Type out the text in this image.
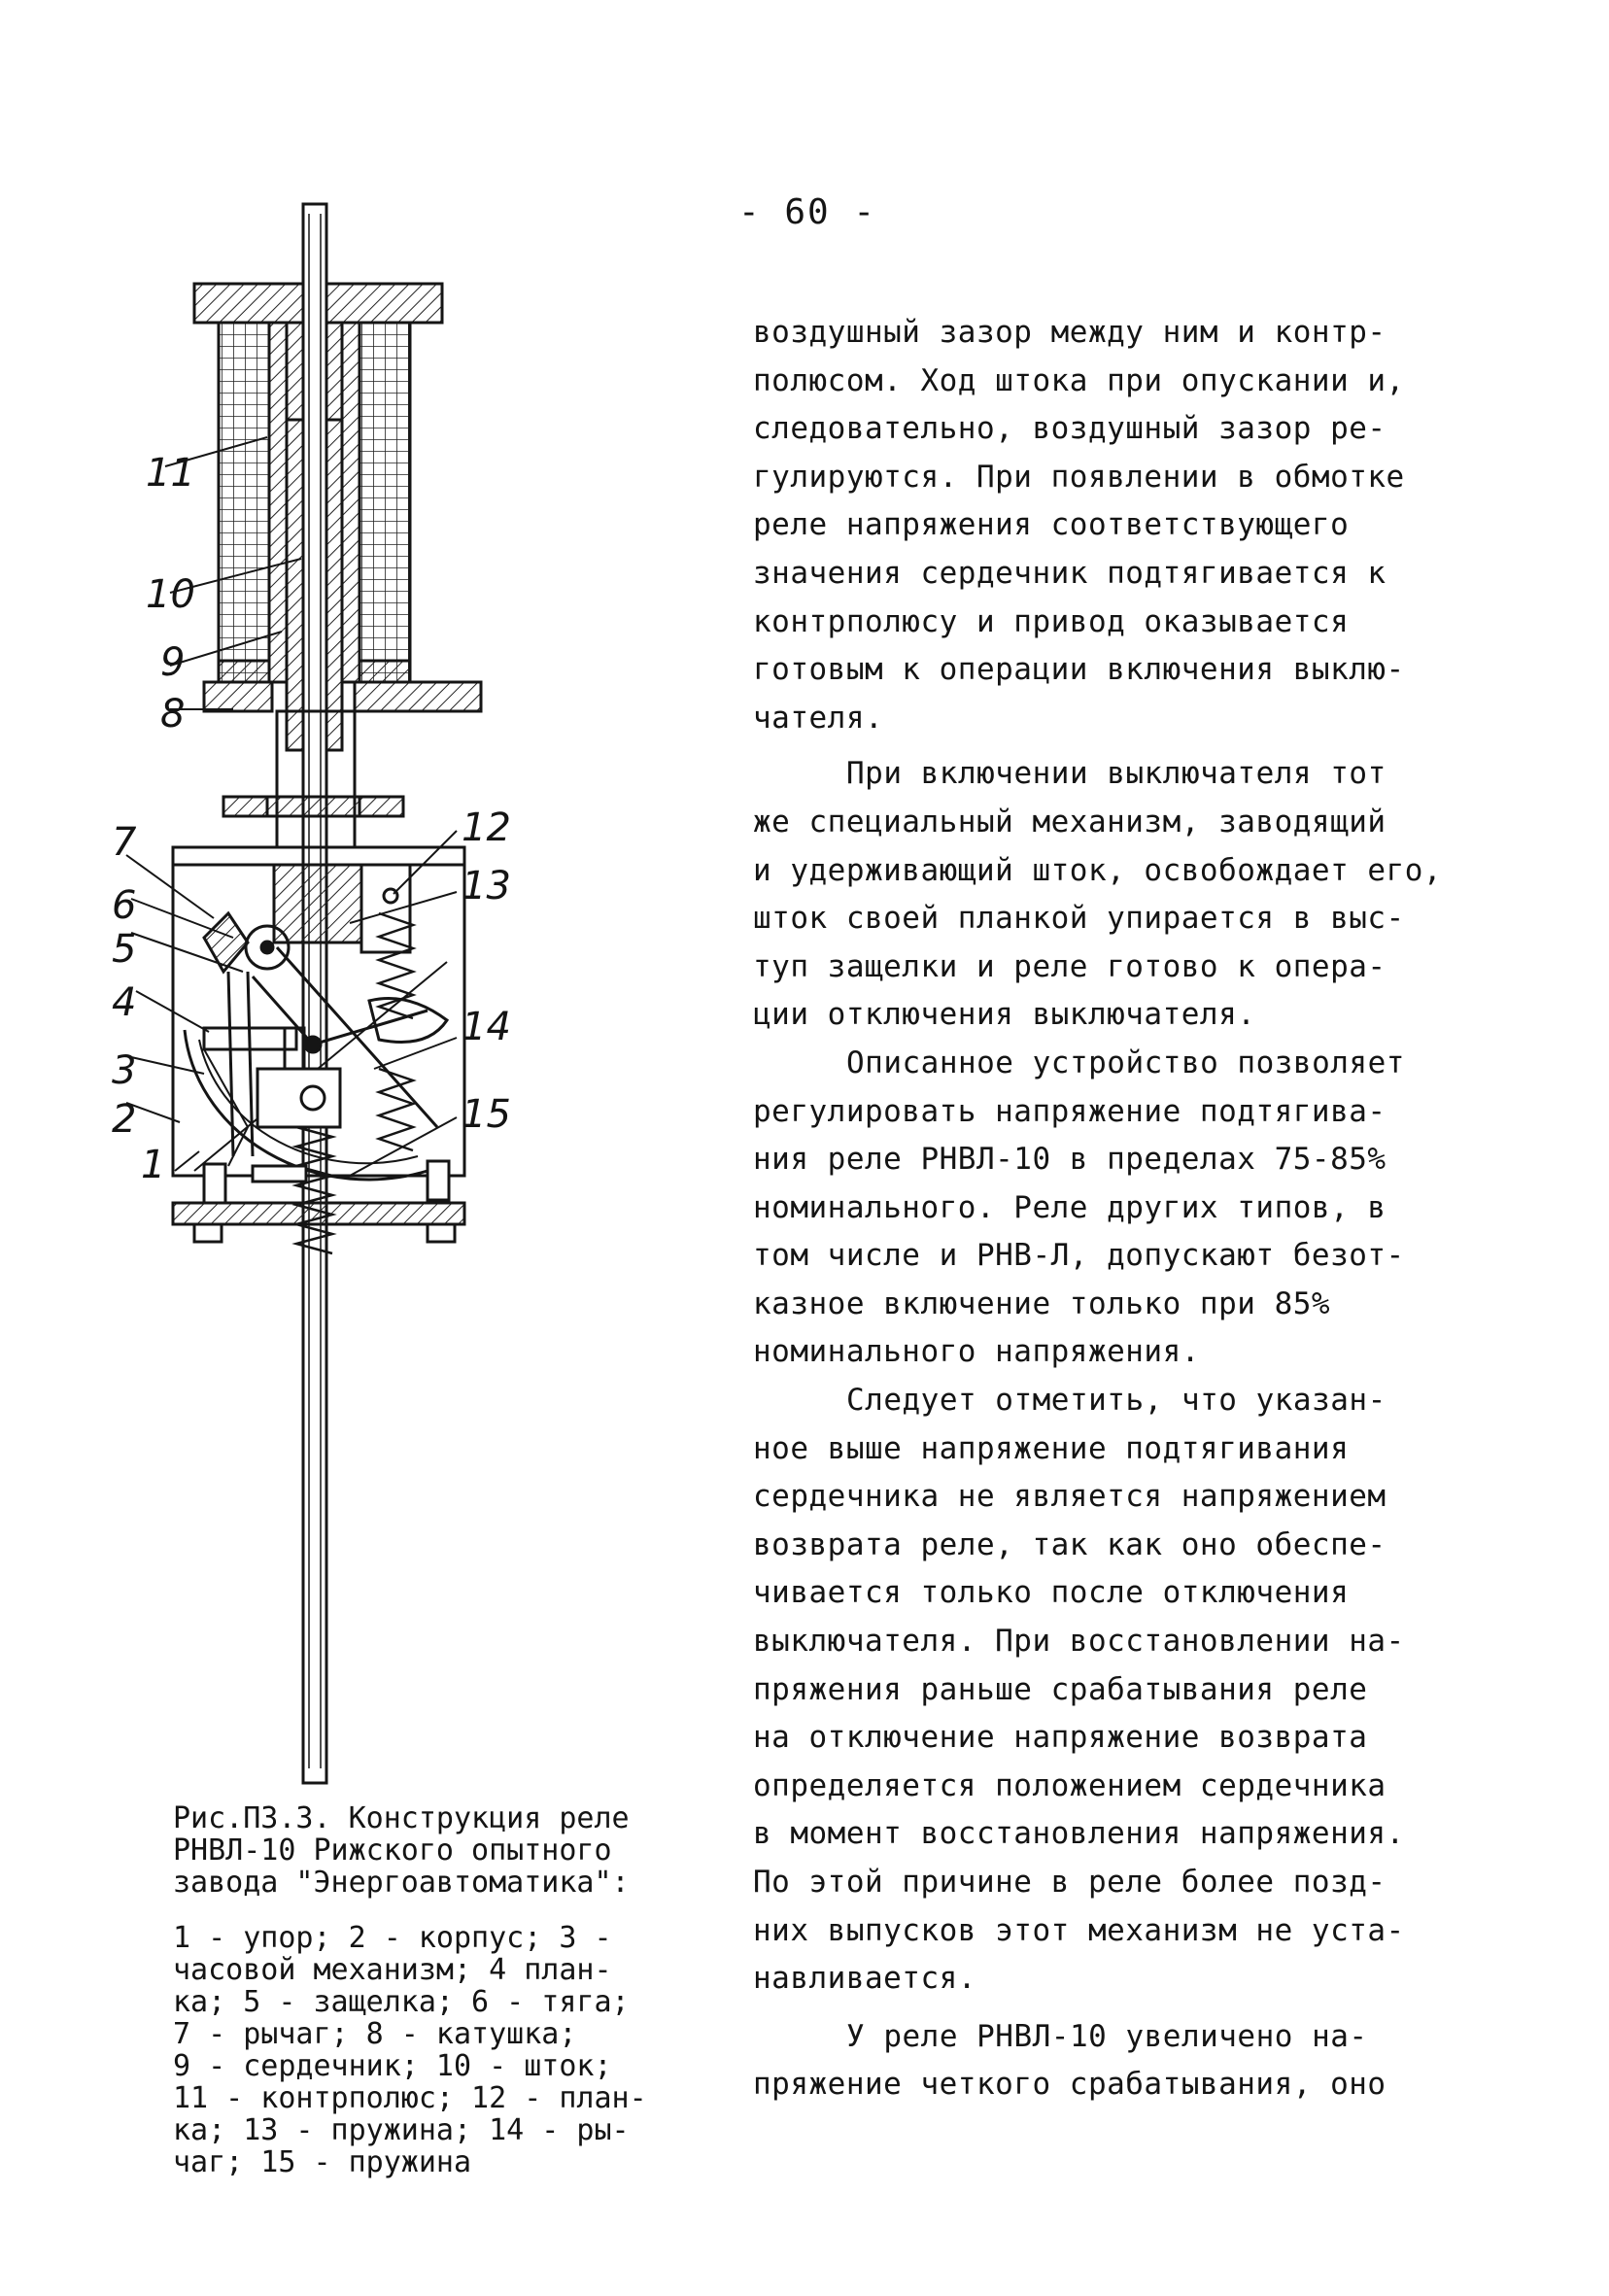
- 60 -
1
2
3
4
5
6
7
8
9
10
11
12
13
14
15
Рис.П3.3. Конструкция реле
РНВЛ-10 Рижского опытного
завода "Энергоавтоматика":
1 - упор; 2 - корпус; 3 -
часовой механизм; 4 план-
ка; 5 - защелка; 6 - тяга;
7 - рычаг; 8 - катушка;
9 - сердечник; 10 - шток;
11 - контрполюс; 12 - план-
ка; 13 - пружина; 14 - ры-
чаг; 15 - пружина
воздушный зазор между ним и контр-
полюсом. Ход штока при опускании и,
следовательно, воздушный зазор ре-
гулируются. При появлении в обмотке
реле напряжения соответствующего
значения сердечник подтягивается к
контрполюсу и привод оказывается
готовым к операции включения выклю-
чателя.
При включении выключателя тот
же специальный механизм, заводящий
и удерживающий шток, освобождает его,
шток своей планкой упирается в выс-
туп защелки и реле готово к опера-
ции отключения выключателя.
Описанное устройство позволяет
регулировать напряжение подтягива-
ния реле РНВЛ-10 в пределах 75-85%
номинального. Реле других типов, в
том числе и РНВ-Л, допускают безот-
казное включение только при 85%
номинального напряжения.
Следует отметить, что указан-
ное выше напряжение подтягивания
сердечника не является напряжением
возврата реле, так как оно обеспе-
чивается только после отключения
выключателя. При восстановлении на-
пряжения раньше срабатывания реле
на отключение напряжение возврата
определяется положением сердечника
в момент восстановления напряжения.
По этой причине в реле более позд-
них выпусков этот механизм не уста-
навливается.
У реле РНВЛ-10 увеличено на-
пряжение четкого срабатывания, оно
